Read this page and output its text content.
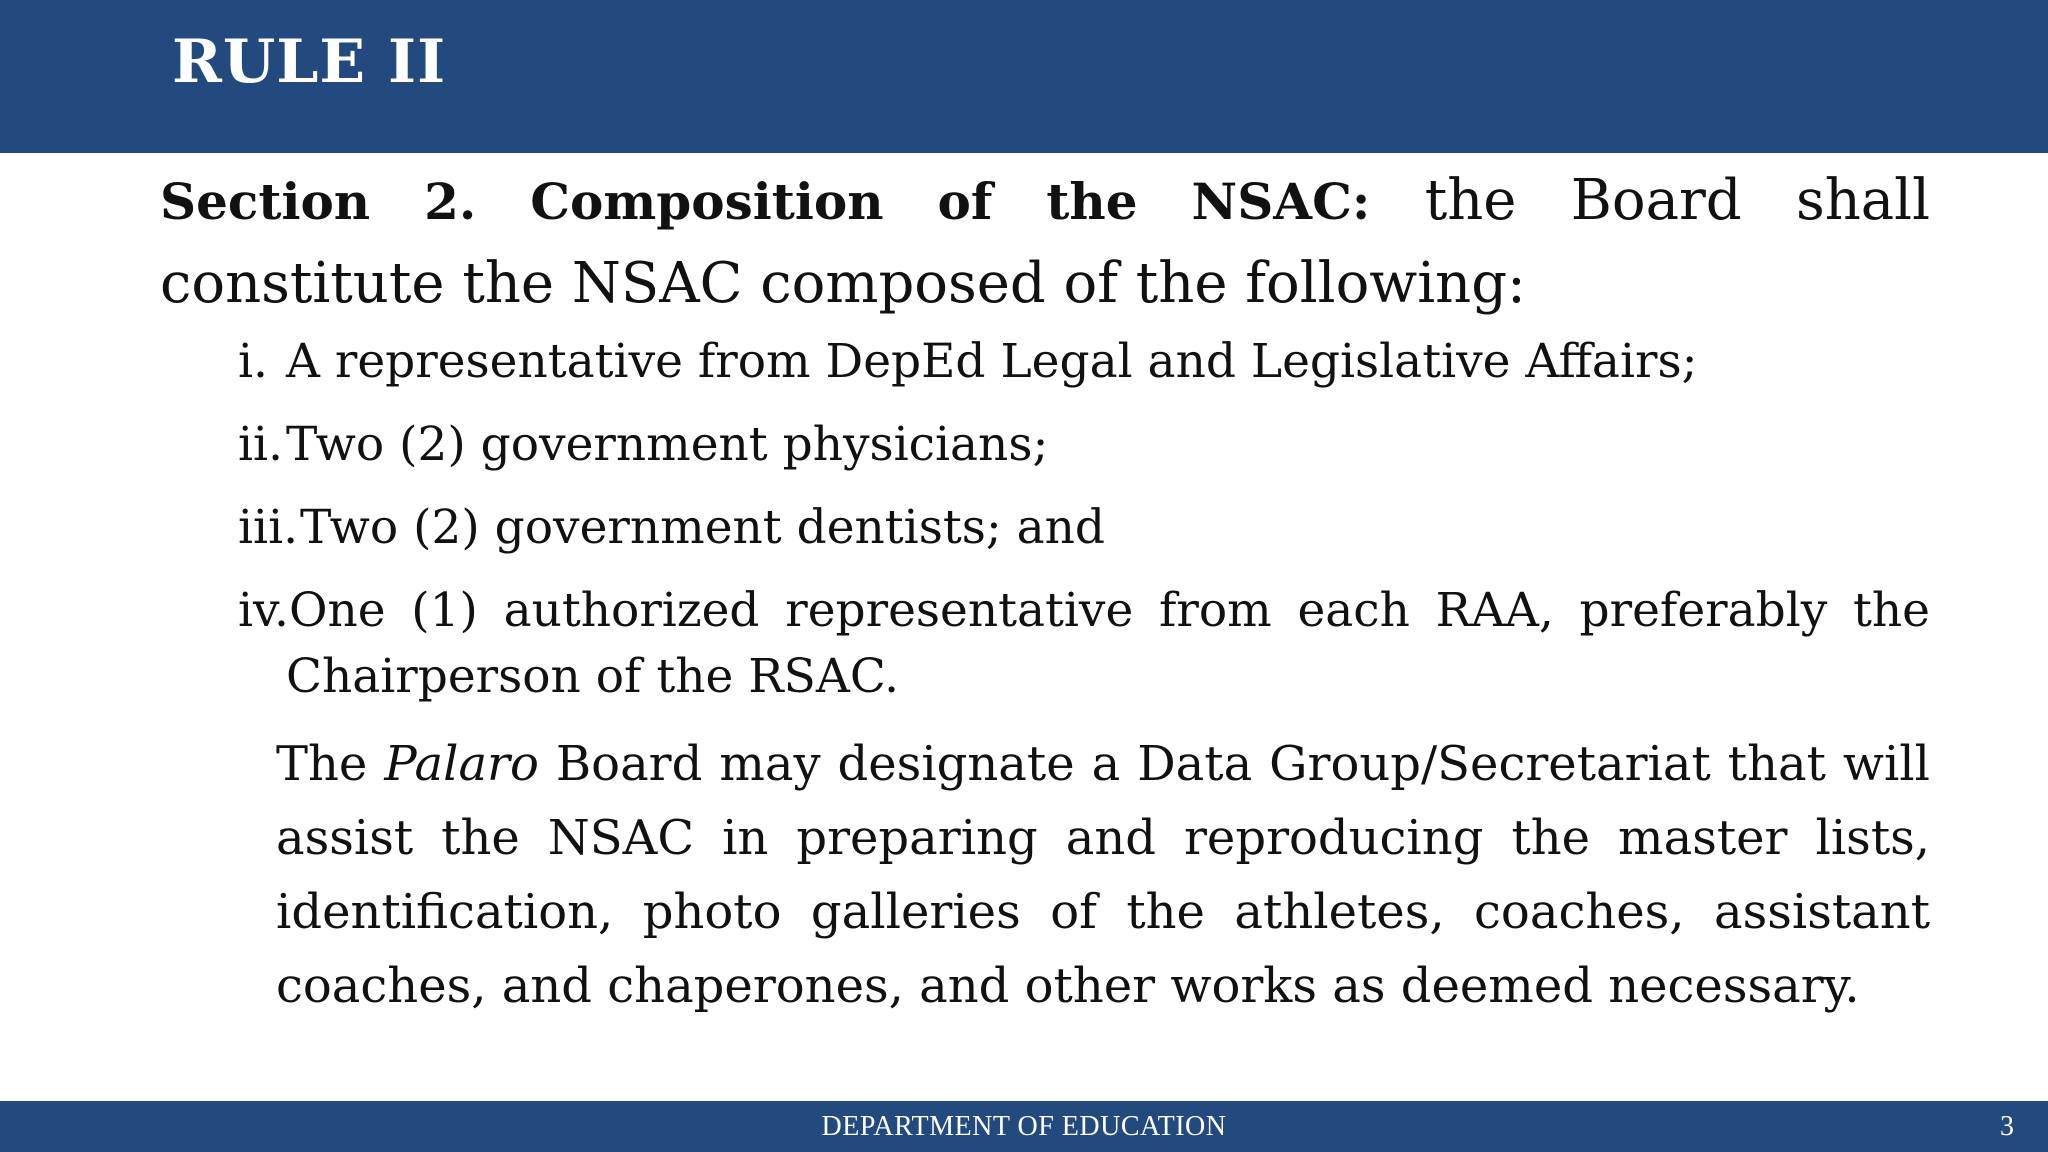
RULE II

Section 2. Composition of the NSAC: the Board shall constitute the NSAC composed of the following:

i. A representative from DepEd Legal and Legislative Affairs;
ii. Two (2) government physicians;
iii. Two (2) government dentists; and
iv.One (1) authorized representative from each RAA, preferably the Chairperson of the RSAC.

The Palaro Board may designate a Data Group/Secretariat that will assist the NSAC in preparing and reproducing the master lists, identification, photo galleries of the athletes, coaches, assistant coaches, and chaperones, and other works as deemed necessary.

DEPARTMENT OF EDUCATION	3
